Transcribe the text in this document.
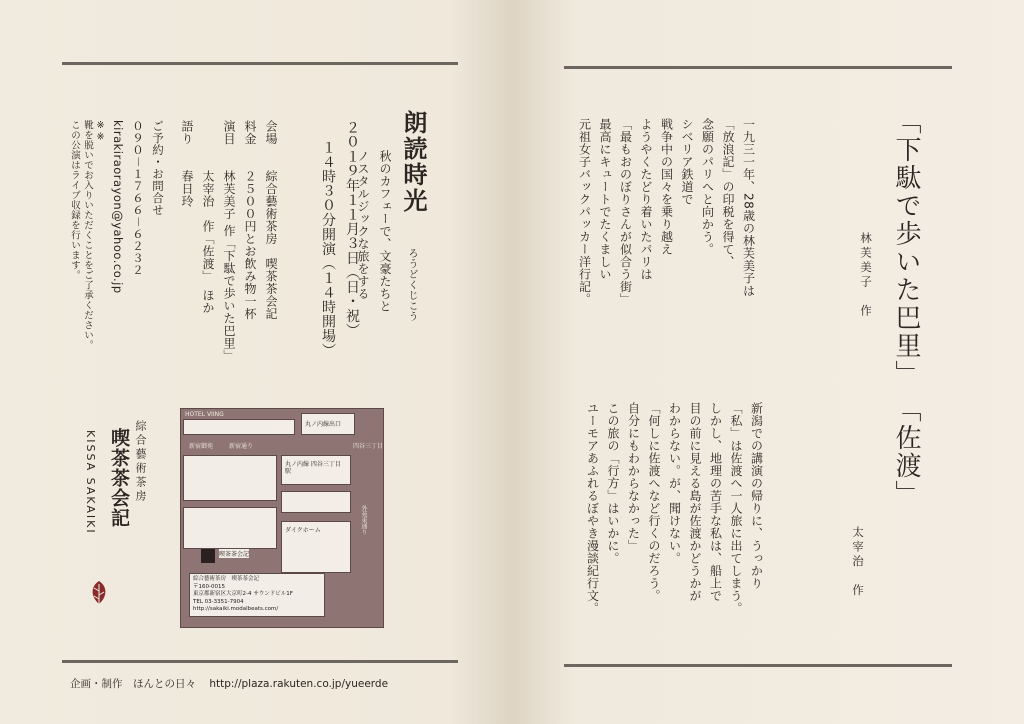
朗読時光
ろうどくじこう
秋のカフェーで、文豪たちと
ノスタルジックな旅をする
２０１９年１１月３日（日・祝）
１４時３０分開演（１４時開場）
会場　　綜合藝術茶房　喫茶茶会記
料金　　２５００円とお飲み物一杯
演目　　林芙美子 作「下駄で歩いた巴里」
　　　　太宰治　作「佐渡」　ほか
語り　　春日玲
ご予約・お問合せ
０９０－１７６６－６２３２
kirakiraorayon@yahoo.co.jp
※※
靴を脱いでお入りいただくことをご了承ください。
この公演はライブ収録を行います。
綜合藝術茶房
喫茶茶会記
KISSA SAKAIKI
HOTEL VIING
丸ノ内線出口
新宿御苑	新宿通り	四谷三丁目
丸ノ内線 四谷三丁目駅
ダイクホーム
喫茶茶会記
外苑東通り
綜合藝術茶房　喫茶茶会記
〒160-0015
東京都新宿区大京町2-4 サウンドビル1F
TEL 03-3351-7904
http://sakaiki.modalbeats.com/
企画・制作　ほんとの日々 http://plaza.rakuten.co.jp/yueerde
「下駄で歩いた巴里」
林芙美子　作
一九三一年、28歳の林芙美子は
「放浪記」の印税を得て、
念願のパリへと向かう。
シベリア鉄道で
戦争中の国々を乗り越え
ようやくたどり着いたパリは
「最もおのぼりさんが似合う街」
最高にキュートでたくましい
元祖女子バックパッカー洋行記。
「佐渡」
太宰治　作
新潟での講演の帰りに、うっかり
「私」は佐渡へ一人旅に出てしまう。
しかし、地理の苦手な私は、船上で
目の前に見える島が佐渡かどうかが
わからない。が、聞けない。
「何しに佐渡へなど行くのだろう。
自分にもわからなかった」
この旅の「行方」はいかに。
ユーモアあふれるぼやき漫談紀行文。
